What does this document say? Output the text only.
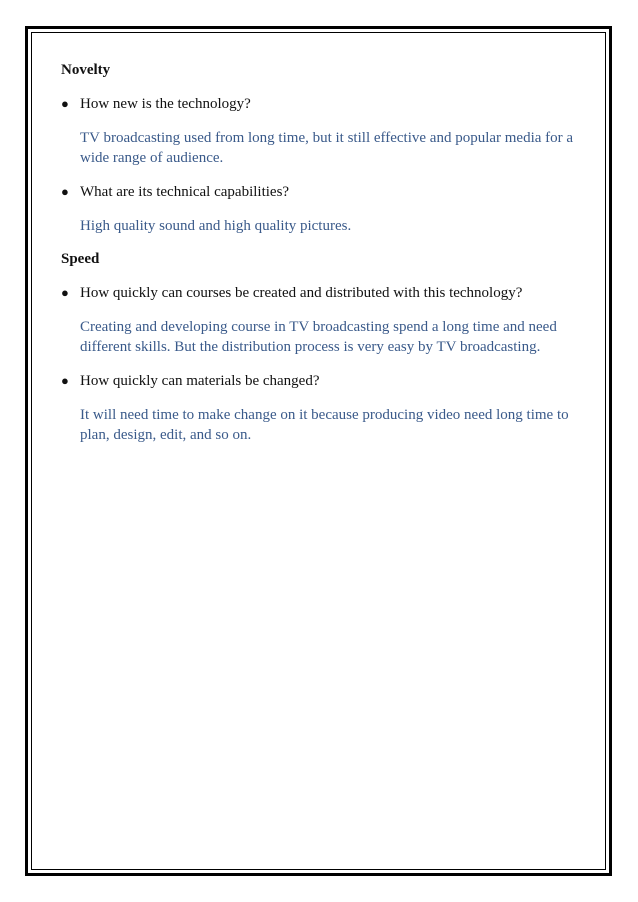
Novelty

● How new is the technology?

TV broadcasting used from long time, but it still effective and popular media for a
wide range of audience.

● What are its technical capabilities?

High quality sound and high quality pictures.

Speed

● How quickly can courses be created and distributed with this technology?

Creating and developing course in TV broadcasting spend a long time and need
different skills. But the distribution process is very easy by TV broadcasting.

● How quickly can materials be changed?

It will need time to make change on it because producing video need long time to
plan, design, edit, and so on.
